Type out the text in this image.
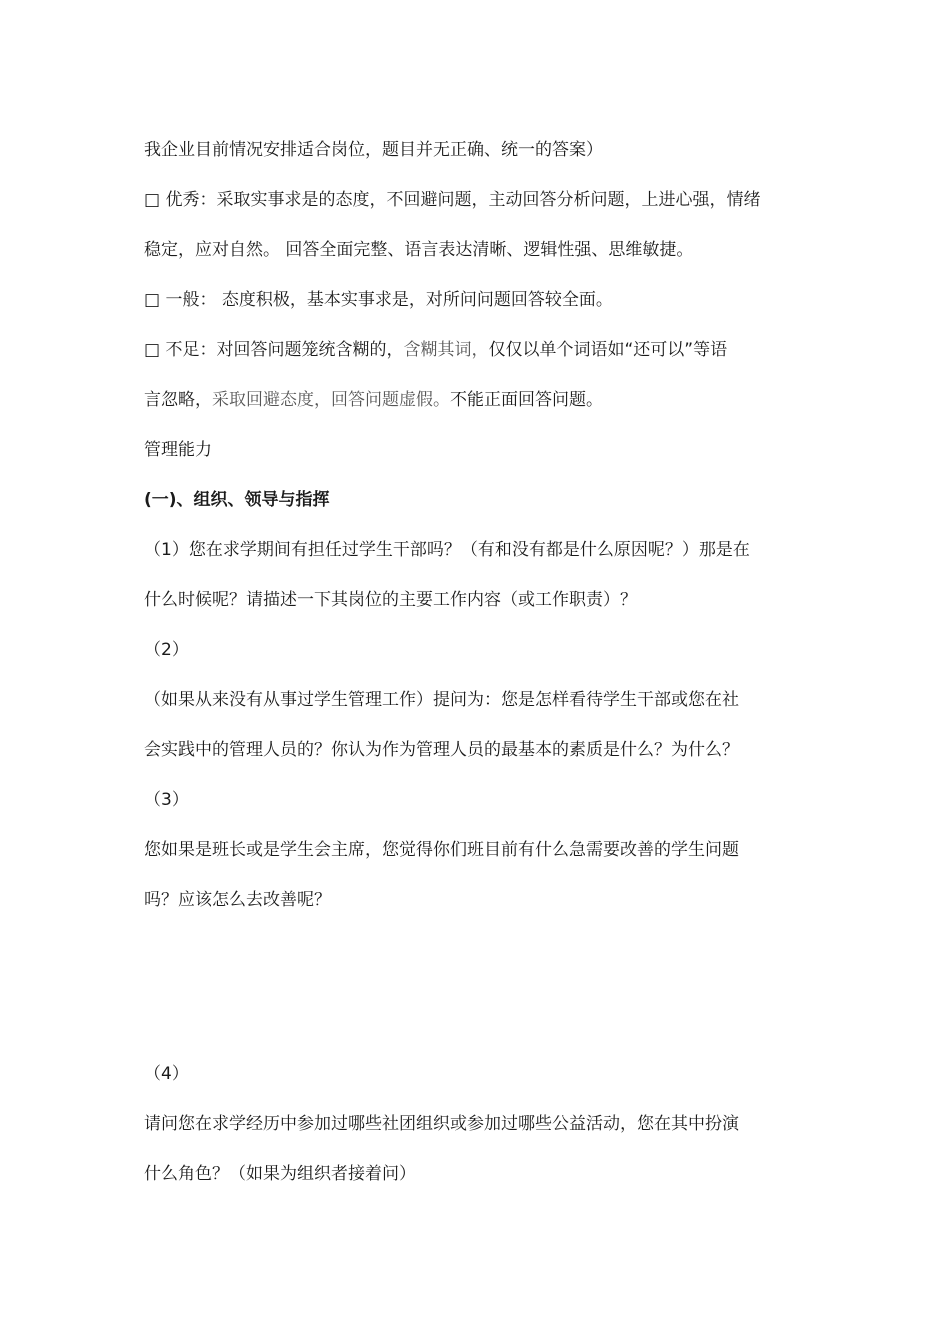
我企业目前情况安排适合岗位，题目并无正确、统一的答案）
□ 优秀：采取实事求是的态度，不回避问题，主动回答分析问题，上进心强，情绪
稳定，应对自然。 回答全面完整、语言表达清晰、逻辑性强、思维敏捷。
□ 一般： 态度积极，基本实事求是，对所问问题回答较全面。
□ 不足：对回答问题笼统含糊的，含糊其词，仅仅以单个词语如“还可以”等语
言忽略，采取回避态度，回答问题虚假。不能正面回答问题。
管理能力
(一)、组织、领导与指挥
（1）您在求学期间有担任过学生干部吗？（有和没有都是什么原因呢？）那是在
什么时候呢？请描述一下其岗位的主要工作内容（或工作职责）？
（2）
（如果从来没有从事过学生管理工作）提问为：您是怎样看待学生干部或您在社
会实践中的管理人员的？你认为作为管理人员的最基本的素质是什么？为什么？
（3）
您如果是班长或是学生会主席，您觉得你们班目前有什么急需要改善的学生问题
吗？应该怎么去改善呢？
（4）
请问您在求学经历中参加过哪些社团组织或参加过哪些公益活动，您在其中扮演
什么角色？（如果为组织者接着问）
